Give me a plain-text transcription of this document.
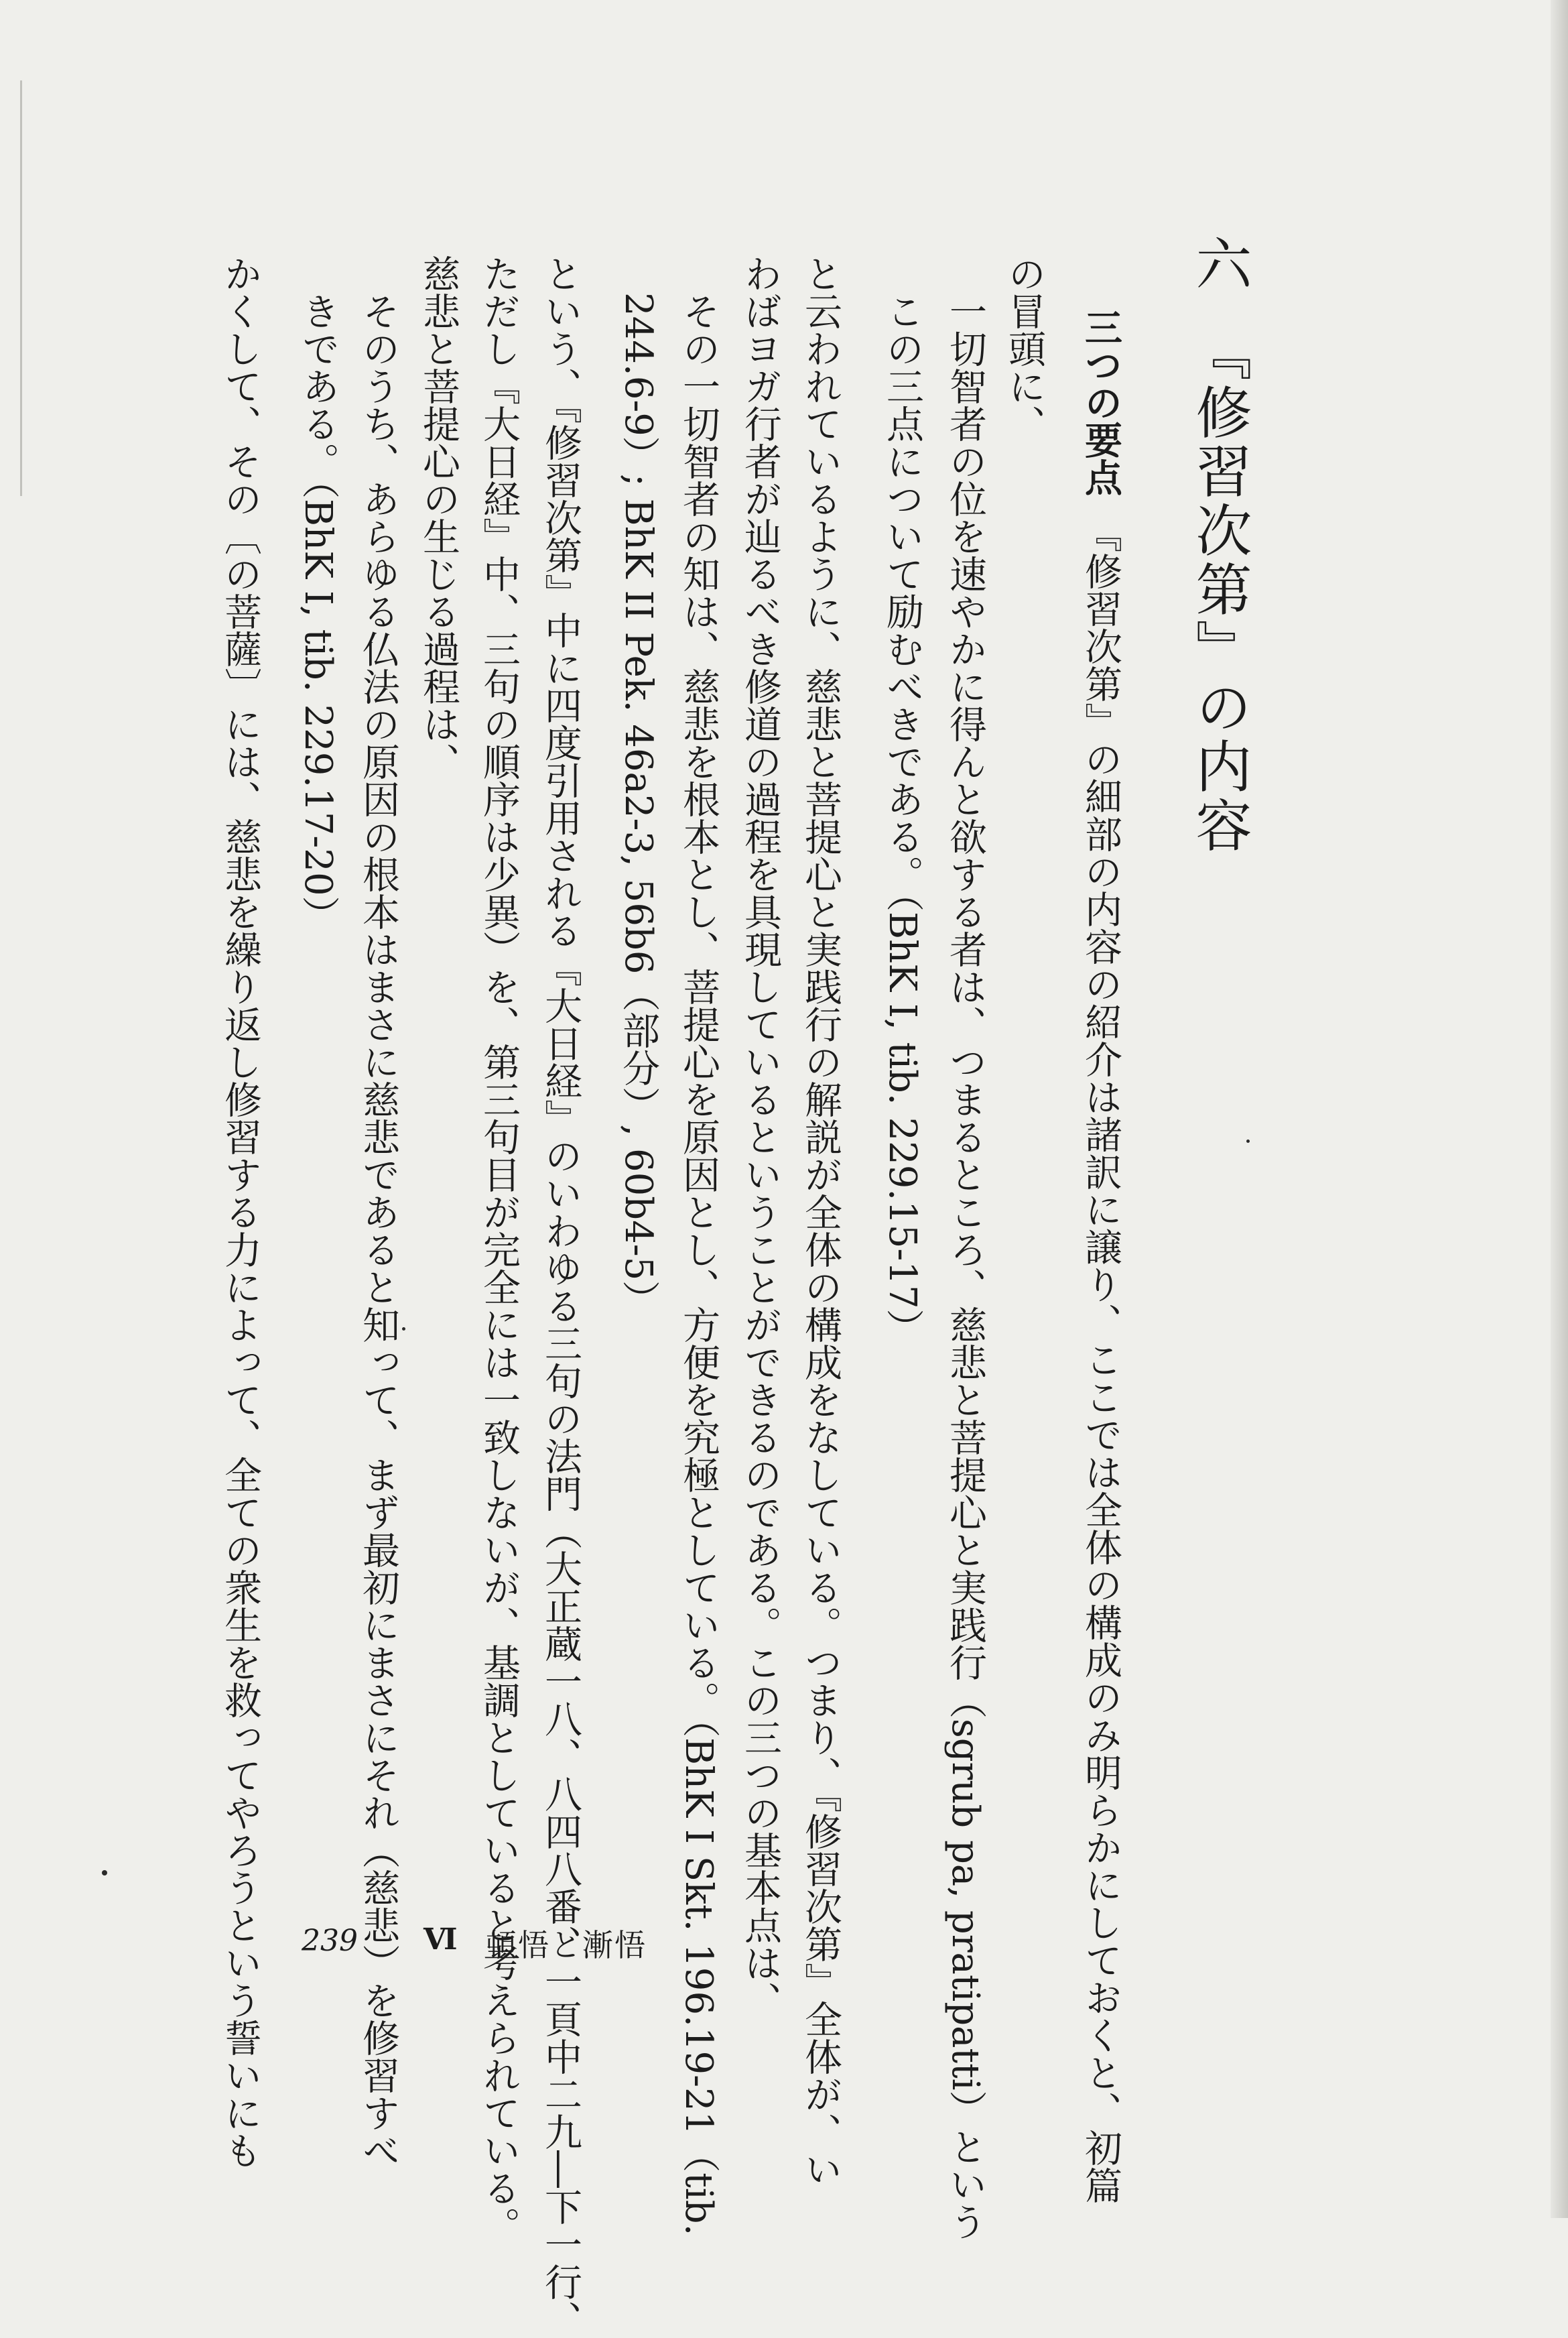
六　『修習次第』の内容
の冒頭に、 三つの要点　『修習次第』の細部の内容の紹介は諸訳に譲り、ここでは全体の構成のみ明らかにしておくと、初篇
一切智者の位を速やかに得んと欲する者は、つまるところ、慈悲と菩提心と実践行（sgrub pa, pratipatti）という
この三点について励むべきである。（BhK I, tib. 229.15-17）
と云われているように、慈悲と菩提心と実践行の解説が全体の構成をなしている。つまり、『修習次第』全体が、い
わばヨガ行者が辿るべき修道の過程を具現しているということができるのである。この三つの基本点は、
その一切智者の知は、慈悲を根本とし、菩提心を原因とし、方便を究極としている。（BhK I Skt. 196.19-21（tib.
244.6-9）; BhK II Pek. 46a2-3, 56b6（部分）, 60b4-5）
という、『修習次第』中に四度引用される『大日経』のいわゆる三句の法門（大正蔵一八、八四八番、一頁中二九―下一行、
ただし『大日経』中、三句の順序は少異）を、第三句目が完全には一致しないが、基調としていると考えられている。
慈悲と菩提心の生じる過程は、
そのうち、あらゆる仏法の原因の根本はまさに慈悲であると知って、まず最初にまさにそれ（慈悲）を修習すべ
きである。（BhK I, tib. 229.17-20）
かくして、その〔の菩薩〕には、慈悲を繰り返し修習する力によって、全ての衆生を救ってやろうという誓いにも 239 Ⅵ 頓悟と漸悟
